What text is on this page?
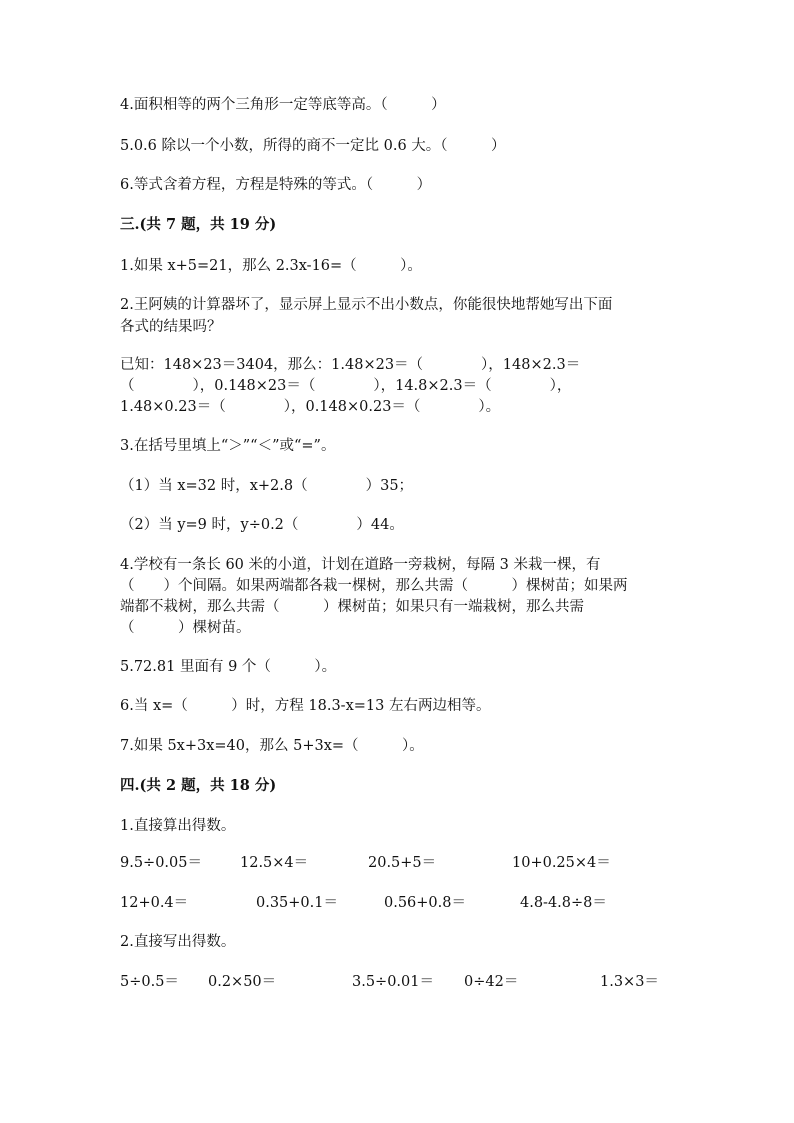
4.面积相等的两个三角形一定等底等高。（　　　）
5.0.6 除以一个小数，所得的商不一定比 0.6 大。（　　　）
6.等式含着方程，方程是特殊的等式。（　　　）
三.(共 7 题，共 19 分)
1.如果 x+5=21，那么 2.3x-16=（　　　）。
2.王阿姨的计算器坏了，显示屏上显示不出小数点，你能很快地帮她写出下面
各式的结果吗？
已知：148×23＝3404，那么：1.48×23＝（　　　　），148×2.3＝
（　　　　），0.148×23＝（　　　　），14.8×2.3＝（　　　　），
1.48×0.23＝（　　　　），0.148×0.23＝（　　　　）。
3.在括号里填上“＞”“＜”或“=”。
（1）当 x=32 时，x+2.8（　　　　）35；
（2）当 y=9 时，y÷0.2（　　　　）44。
4.学校有一条长 60 米的小道，计划在道路一旁栽树，每隔 3 米栽一棵，有
（　　）个间隔。如果两端都各栽一棵树，那么共需（　　　）棵树苗；如果两
端都不栽树，那么共需（　　　）棵树苗；如果只有一端栽树，那么共需
（　　　）棵树苗。
5.72.81 里面有 9 个（　　　）。
6.当 x=（　　　）时，方程 18.3-x=13 左右两边相等。
7.如果 5x+3x=40，那么 5+3x=（　　　）。
四.(共 2 题，共 18 分)
1.直接算出得数。
9.5÷0.05＝	12.5×4＝	20.5+5＝	10+0.25×4＝
12+0.4＝	0.35+0.1＝	0.56+0.8＝	4.8-4.8÷8＝
2.直接写出得数。
5÷0.5＝ 0.2×50＝	3.5÷0.01＝ 0÷42＝	1.3×3＝
